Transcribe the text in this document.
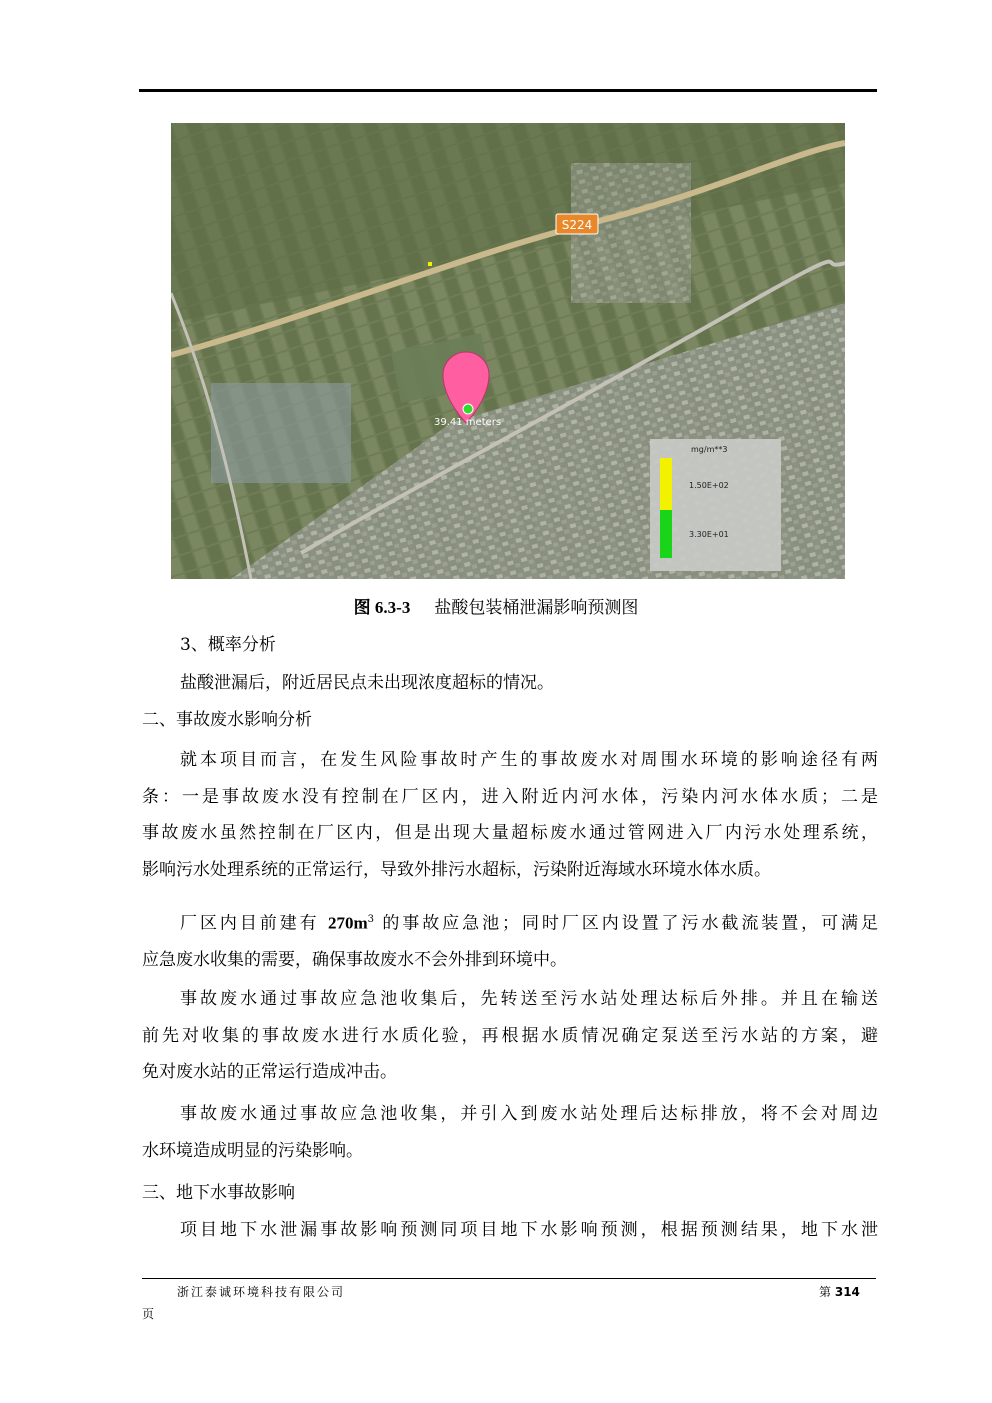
S224
39.41 meters
mg/m**3
1.50E+02
3.30E+01
图 6.3-3 盐酸包装桶泄漏影响预测图
3、概率分析
盐酸泄漏后，附近居民点未出现浓度超标的情况。
二、事故废水影响分析
就本项目而言，在发生风险事故时产生的事故废水对周围水环境的影响途径有两
条：一是事故废水没有控制在厂区内，进入附近内河水体，污染内河水体水质；二是
事故废水虽然控制在厂区内，但是出现大量超标废水通过管网进入厂内污水处理系统，
影响污水处理系统的正常运行，导致外排污水超标，污染附近海域水环境水体水质。
厂区内目前建有 $270m^3$ 的事故应急池；同时厂区内设置了污水截流装置，可满足
应急废水收集的需要，确保事故废水不会外排到环境中。
事故废水通过事故应急池收集后，先转送至污水站处理达标后外排。并且在输送
前先对收集的事故废水进行水质化验，再根据水质情况确定泵送至污水站的方案，避
免对废水站的正常运行造成冲击。
事故废水通过事故应急池收集，并引入到废水站处理后达标排放，将不会对周边
水环境造成明显的污染影响。
三、地下水事故影响
项目地下水泄漏事故影响预测同项目地下水影响预测，根据预测结果，地下水泄
浙江泰诚环境科技有限公司	第 314
页
